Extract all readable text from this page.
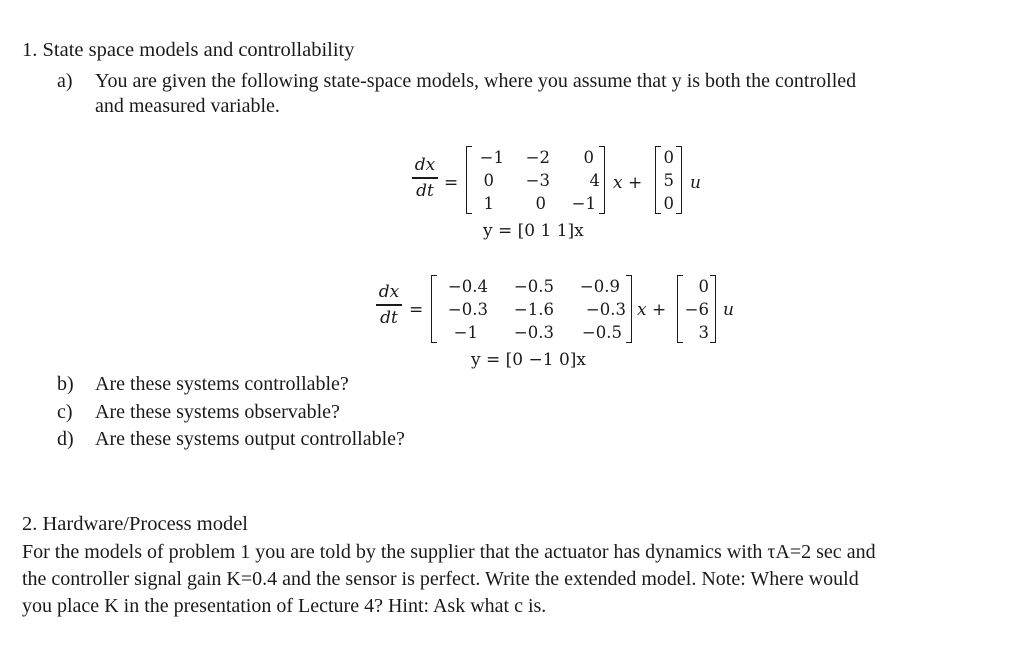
1. State space models and controllability
a) You are given the following state-space models, where you assume that y is both the controlled
and measured variable.
dx
dt =
−1	−2	0
0	−3	4
1	0	−1
x +
0
5
0
u
y = [0 1 1]x
dx
dt =
−0.4	−0.5	−0.9
−0.3	−1.6	−0.3
−1	−0.3	−0.5
x +
0
−6
3
u
y = [0 −1 0]x
b) Are these systems controllable?
c) Are these systems observable?
d) Are these systems output controllable?
2. Hardware/Process model
For the models of problem 1 you are told by the supplier that the actuator has dynamics with τA=2 sec and
the controller signal gain K=0.4 and the sensor is perfect. Write the extended model. Note: Where would
you place K in the presentation of Lecture 4? Hint: Ask what c is.
